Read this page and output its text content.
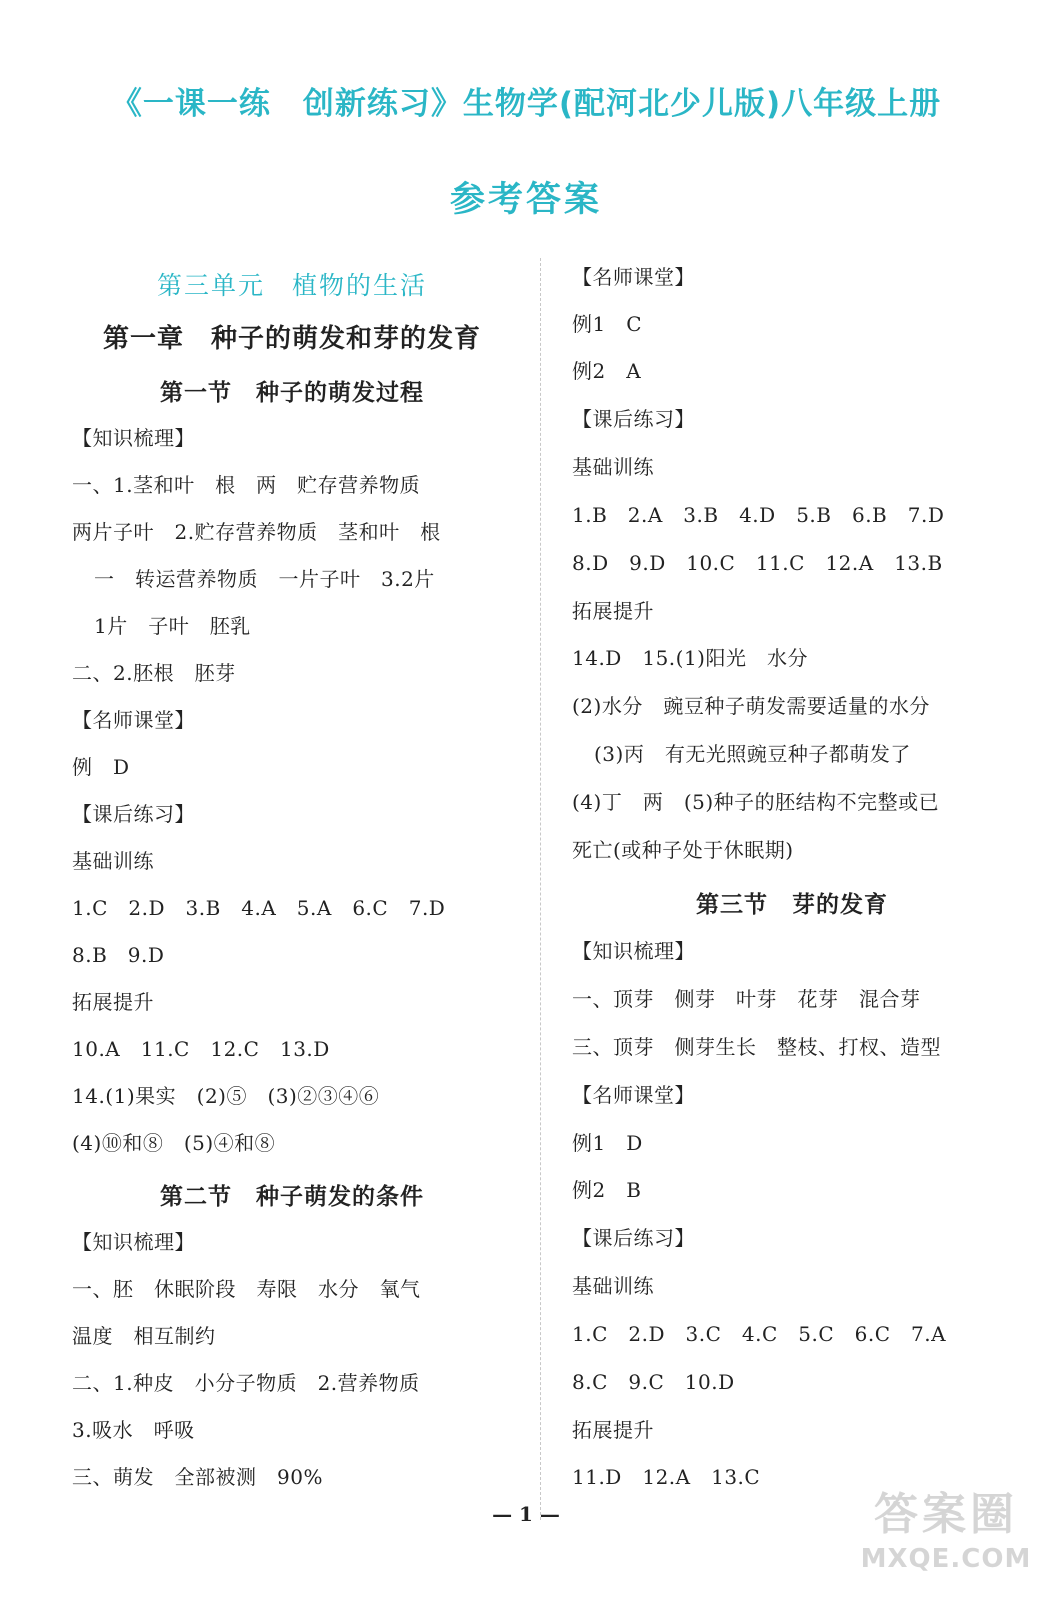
《一课一练　创新练习》生物学(配河北少儿版)八年级上册
参考答案
第三单元　植物的生活
第一章　种子的萌发和芽的发育
第一节　种子的萌发过程
【知识梳理】
一、1.茎和叶　根　两　贮存营养物质
两片子叶　2.贮存营养物质　茎和叶　根
一　转运营养物质　一片子叶　3.2片
1片　子叶　胚乳
二、2.胚根　胚芽
【名师课堂】
例　D
【课后练习】
基础训练
1.C　2.D　3.B　4.A　5.A　6.C　7.D
8.B　9.D
拓展提升
10.A　11.C　12.C　13.D
14.(1)果实　(2)⑤　(3)②③④⑥
(4)⑩和⑧　(5)④和⑧
第二节　种子萌发的条件
【知识梳理】
一、胚　休眠阶段　寿限　水分　氧气
温度　相互制约
二、1.种皮　小分子物质　2.营养物质
3.吸水　呼吸
三、萌发　全部被测　90%
【名师课堂】
例1　C
例2　A
【课后练习】
基础训练
1.B　2.A　3.B　4.D　5.B　6.B　7.D
8.D　9.D　10.C　11.C　12.A　13.B
拓展提升
14.D　15.(1)阳光　水分
(2)水分　豌豆种子萌发需要适量的水分
(3)丙　有无光照豌豆种子都萌发了
(4)丁　两　(5)种子的胚结构不完整或已
死亡(或种子处于休眠期)
第三节　芽的发育
【知识梳理】
一、顶芽　侧芽　叶芽　花芽　混合芽
三、顶芽　侧芽生长　整枝、打杈、造型
【名师课堂】
例1　D
例2　B
【课后练习】
基础训练
1.C　2.D　3.C　4.C　5.C　6.C　7.A
8.C　9.C　10.D
拓展提升
11.D　12.A　13.C
— 1 —	答案圈
MXQE.COM
